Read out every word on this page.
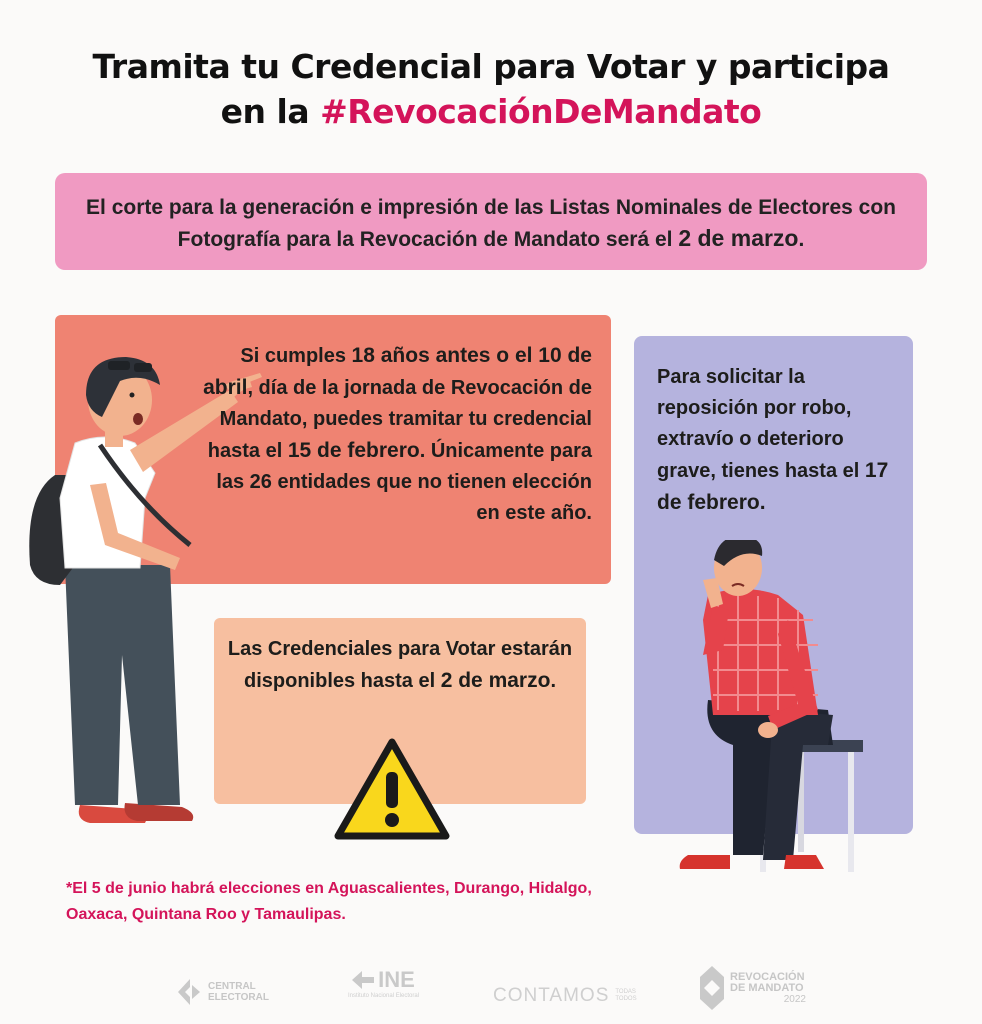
Tramita tu Credencial para Votar y participa
en la #RevocaciónDeMandato
El corte para la generación e impresión de las Listas Nominales de Electores con Fotografía para la Revocación de Mandato será el 2 de marzo.
Si cumples 18 años antes o el 10 de abril, día de la jornada de Revocación de Mandato, puedes tramitar tu credencial hasta el 15 de febrero. Únicamente para las 26 entidades que no tienen elección en este año.
Para solicitar la reposición por robo, extravío o deterioro grave, tienes hasta el 17 de febrero.
Las Credenciales para Votar estarán disponibles hasta el 2 de marzo.
*El 5 de junio habrá elecciones en Aguascalientes, Durango, Hidalgo, Oaxaca, Quintana Roo y Tamaulipas.
CENTRAL ELECTORAL
INE
Instituto Nacional Electoral	CONTAMOS TODAS TODOS
REVOCACIÓN DE MANDATO
2022
